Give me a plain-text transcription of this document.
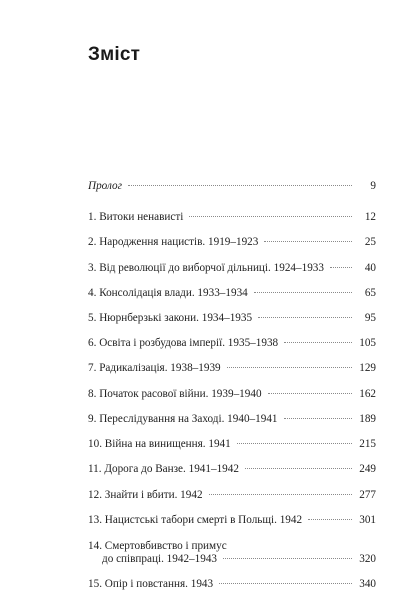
Зміст
Пролог	9
1. Витоки ненависті	12
2. Народження нацистів. 1919–1923	25
3. Від революції до виборчої дільниці. 1924–1933	40
4. Консолідація влади. 1933–1934	65
5. Нюрнберзькі закони. 1934–1935	95
6. Освіта і розбудова імперії. 1935–1938	105
7. Радикалізація. 1938–1939	129
8. Початок расової війни. 1939–1940	162
9. Переслідування на Заході. 1940–1941	189
10. Війна на винищення. 1941	215
11. Дорога до Ванзе. 1941–1942	249
12. Знайти і вбити. 1942	277
13. Нацистські табори смерті в Польщі. 1942	301
14. Смертовбивство і примус
до співпраці. 1942–1943	320
15. Опір і повстання. 1943	340
